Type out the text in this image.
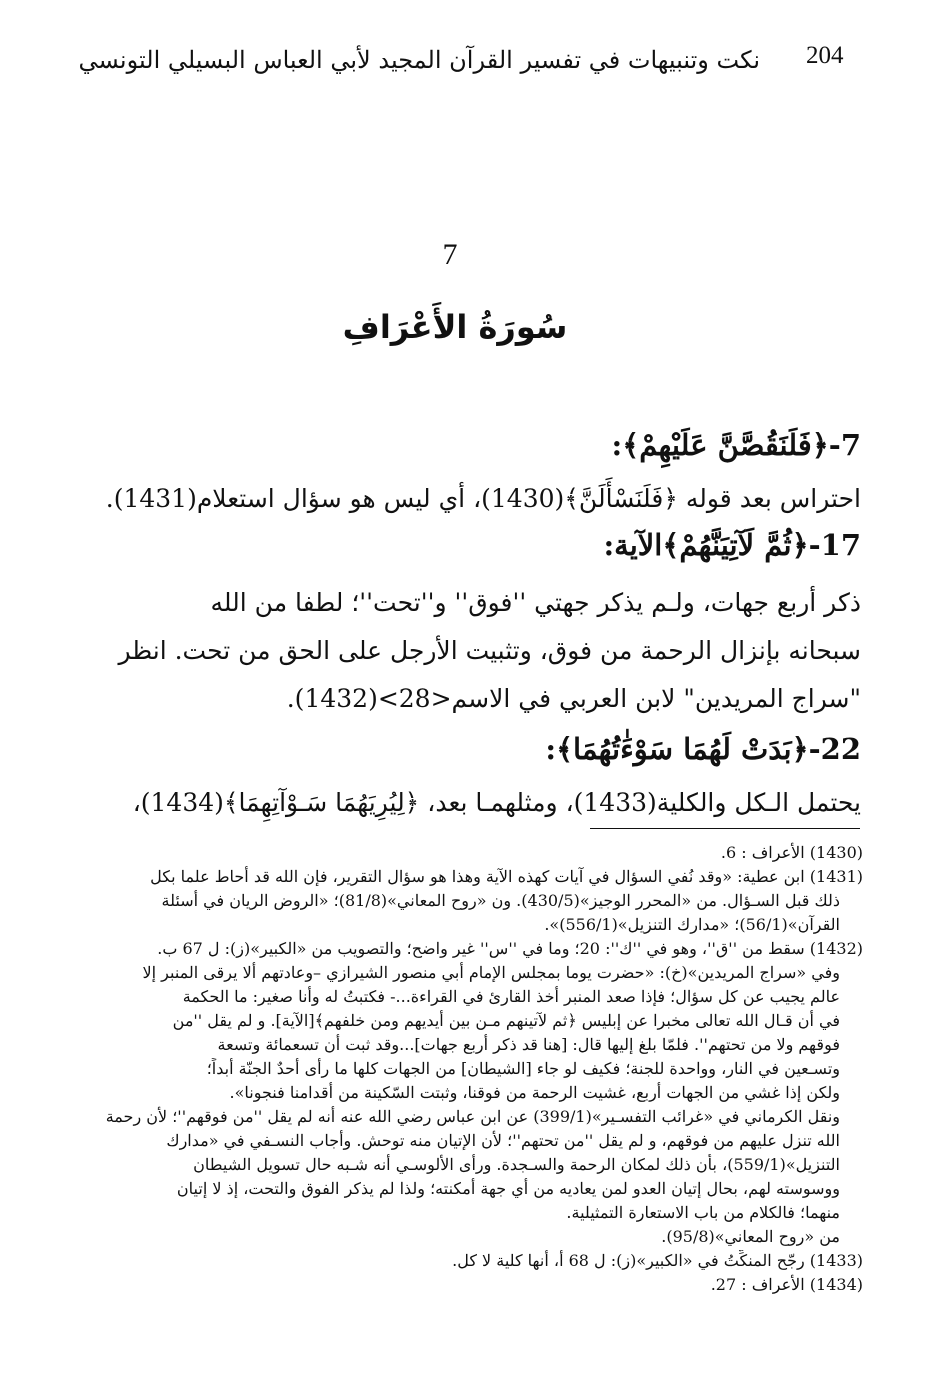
204
نكت وتنبيهات في تفسير القرآن المجيد لأبي العباس البسيلي التونسي
7
سُورَةُ الأَعْرَافِ
7-﴿فَلَنَقُصَّنَّ عَلَيْهِمْ﴾:
احتراس بعد قوله ﴿فَلَنَسْأَلَنَّ﴾(1430)، أي ليس هو سؤال استعلام(1431).
17-﴿ثُمَّ لَآتِيَنَّهُمْ﴾الآية:
ذكر أربع جهات، ولـم يذكر جهتي ''فوق'' و''تحت''؛ لطفا من الله
سبحانه بإنزال الرحمة من فوق، وتثبيت الأرجل على الحق من تحت. انظر
"سراج المريدين" لابن العربي في الاسم<28>(1432).
22-﴿بَدَتْ لَهُمَا سَوْءَٰتُهُمَا﴾:
يحتمل الـكل والكلية(1433)، ومثلهمـا بعد، ﴿لِيُرِيَهُمَا سَـوْآتِهِمَا﴾(1434)،
(1430) الأعراف : 6.
(1431) ابن عطية: «وقد نُفي السؤال في آيات كهذه الآية وهذا هو سؤال التقرير، فإن الله قد أحاط علما بكل
ذلك قبل السـؤال. من «المحرر الوجيز»(430/5). ون «روح المعاني»(81/8)؛ «الروض الريان في أسئلة
القرآن»(56/1)؛ «مدارك التنزيل»(556/1)».
(1432) سقط من ''ق''، وهو في ''ك'': 20؛ وما في ''س'' غير واضح؛ والتصويب من «الكبير»(ز): ل 67 ب.
وفي «سراج المريدين»(خ): «حضرت يوما بمجلس الإمام أبي منصور الشيرازي –وعادتهم ألا يرقى المنبر إلا
عالم يجيب عن كل سؤال؛ فإذا صعد المنبر أخذ القارئ في القراءة...- فكتبتُ له وأنا صغير: ما الحكمة
في أن قـال الله تعالى مخبرا عن إبليس ﴿ثم لآتينهم مـن بين أيديهم ومن خلفهم﴾[الآية]. و لم يقل ''من
فوقهم ولا من تحتهم''. فلمّا بلغ إليها قال: [هنا قد ذكر أربع جهات]...وقد ثبت أن تسعمائة وتسعة
وتسـعين في النار، وواحدة للجنة؛ فكيف لو جاء [الشيطان] من الجهات كلها ما رأى أحدٌ الجنّة أبداً؛
ولكن إذا غشي من الجهات أربع، غشيت الرحمة من فوقنا، وثبتت السّكينة من أقدامنا فنجونا».
ونقل الكرماني في «غرائب التفسـير»(399/1) عن ابن عباس رضي الله عنه أنه لم يقل ''من فوقهم''؛ لأن رحمة
الله تنزل عليهم من فوقهم، و لم يقل ''من تحتهم''؛ لأن الإتيان منه توحش. وأجاب النسـفي في «مدارك
التنزيل»(559/1)، بأن ذلك لمكان الرحمة والسـجدة. ورأى الألوسـي أنه شـبه حال تسويل الشيطان
ووسوسته لهم، بحال إتيان العدو لمن يعاديه من أي جهة أمكنته؛ ولذا لم يذكر الفوق والتحت، إذ لا إتيان
منهما؛ فالكلام من باب الاستعارة التمثيلية.
من «روح المعاني»(95/8).
(1433) رجّح المنكِّتُ في «الكبير»(ز): ل 68 أ، أنها كلية لا كل.
(1434) الأعراف : 27.
